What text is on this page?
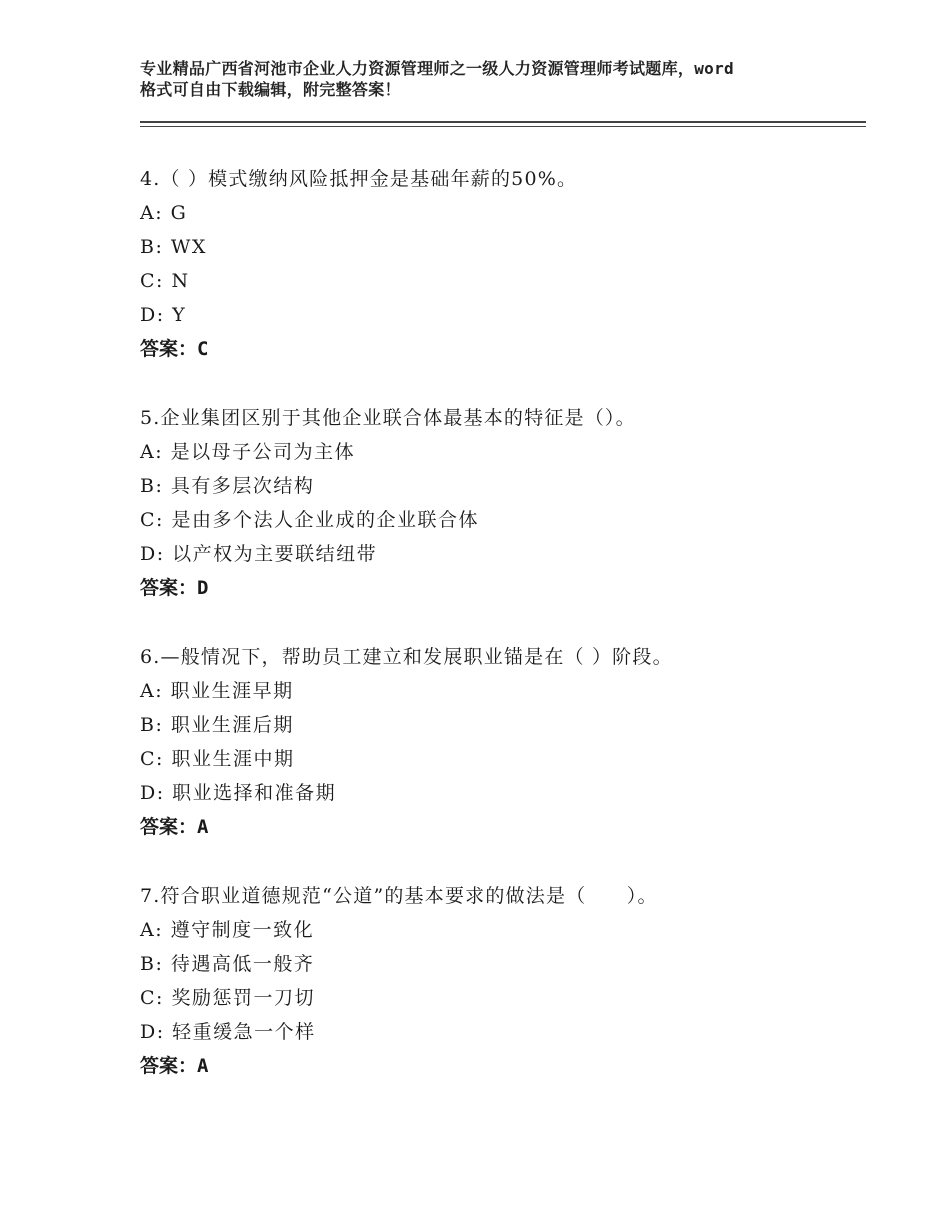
专业精品广西省河池市企业人力资源管理师之一级人力资源管理师考试题库，word
格式可自由下载编辑，附完整答案！
4.（ ）模式缴纳风险抵押金是基础年薪的50%。
A: G
B: WX
C: N
D: Y
答案：C
5.企业集团区别于其他企业联合体最基本的特征是（）。
A: 是以母子公司为主体
B: 具有多层次结构
C: 是由多个法人企业成的企业联合体
D: 以产权为主要联结纽带
答案：D
6.—般情况下，帮助员工建立和发展职业锚是在（ ）阶段。
A: 职业生涯早期
B: 职业生涯后期
C: 职业生涯中期
D: 职业选择和准备期
答案：A
7.符合职业道德规范“公道”的基本要求的做法是（　　）。
A: 遵守制度一致化
B: 待遇高低一般齐
C: 奖励惩罚一刀切
D: 轻重缓急一个样
答案：A
